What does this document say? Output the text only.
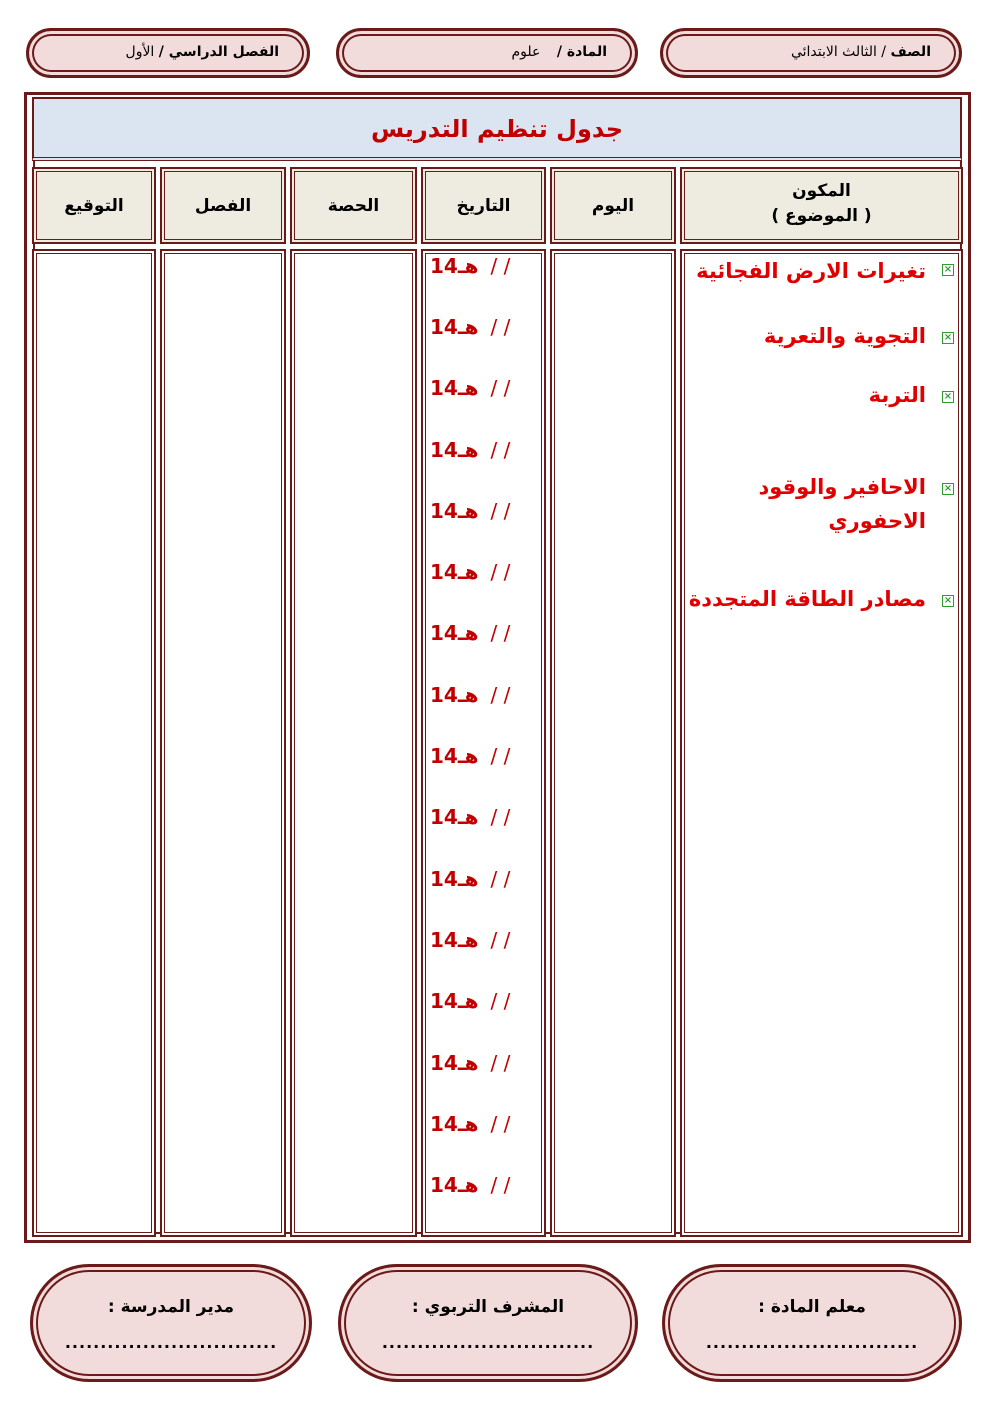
الصف / الثالث الابتدائي
المادة / علوم
الفصل الدراسي / الأول
جدول تنظيم التدريس
المكون
( الموضوع )
اليوم
التاريخ
الحصة
الفصل
التوقيع
×
تغيرات الارض الفجائية
×
التجوية والتعرية
×
التربة
×
الاحافير والوقود الاحفوري
×
مصادر الطاقة المتجددة
14هـ / /
14هـ / /
14هـ / /
14هـ / /
14هـ / /
14هـ / /
14هـ / /
14هـ / /
14هـ / /
14هـ / /
14هـ / /
14هـ / /
14هـ / /
14هـ / /
14هـ / /
14هـ / /
معلم المادة :
..............................
المشرف التربوي :
..............................
مدير المدرسة :
..............................
